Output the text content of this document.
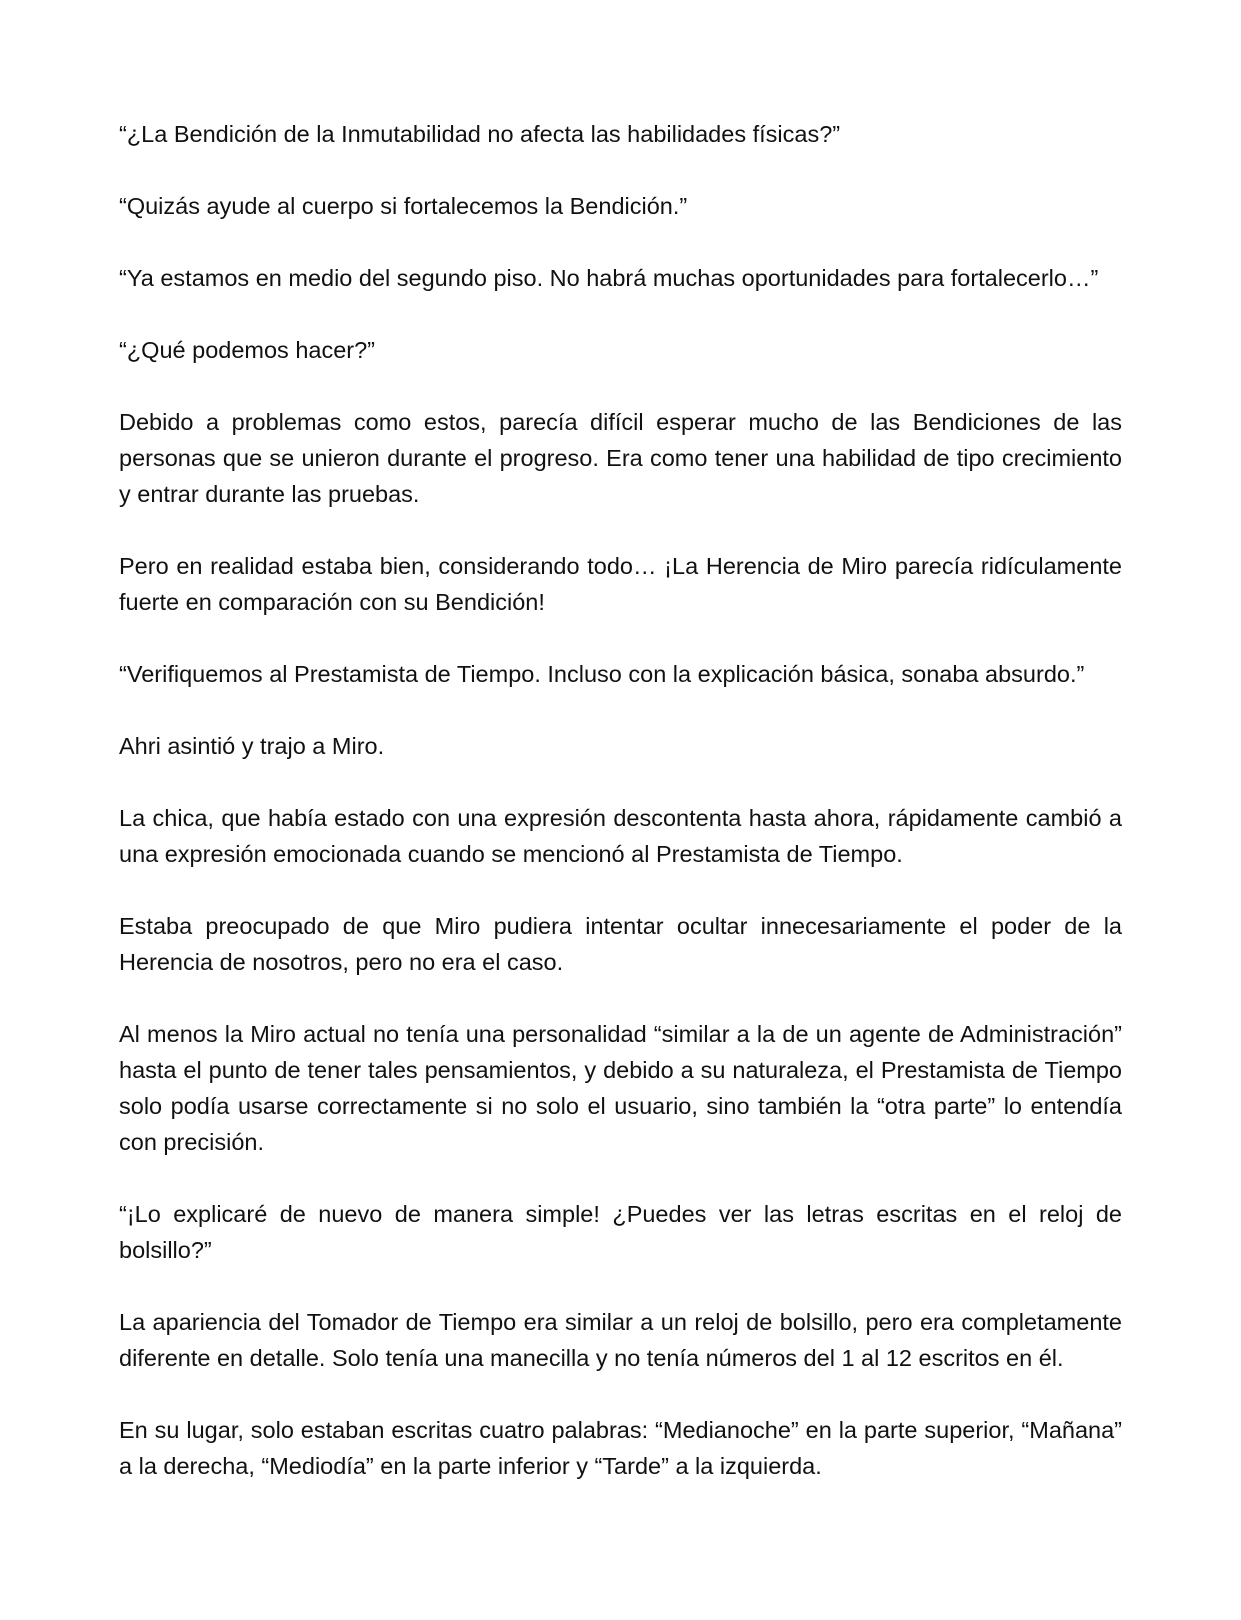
“¿La Bendición de la Inmutabilidad no afecta las habilidades físicas?”

“Quizás ayude al cuerpo si fortalecemos la Bendición.”

“Ya estamos en medio del segundo piso. No habrá muchas oportunidades para fortalecerlo…”

“¿Qué podemos hacer?”

Debido a problemas como estos, parecía difícil esperar mucho de las Bendiciones de las personas que se unieron durante el progreso. Era como tener una habilidad de tipo crecimiento y entrar durante las pruebas.

Pero en realidad estaba bien, considerando todo… ¡La Herencia de Miro parecía ridículamente fuerte en comparación con su Bendición!

“Verifiquemos al Prestamista de Tiempo. Incluso con la explicación básica, sonaba absurdo.”

Ahri asintió y trajo a Miro.

La chica, que había estado con una expresión descontenta hasta ahora, rápidamente cambió a una expresión emocionada cuando se mencionó al Prestamista de Tiempo.

Estaba preocupado de que Miro pudiera intentar ocultar innecesariamente el poder de la Herencia de nosotros, pero no era el caso.

Al menos la Miro actual no tenía una personalidad “similar a la de un agente de Administración” hasta el punto de tener tales pensamientos, y debido a su naturaleza, el Prestamista de Tiempo solo podía usarse correctamente si no solo el usuario, sino también la “otra parte” lo entendía con precisión.

“¡Lo explicaré de nuevo de manera simple! ¿Puedes ver las letras escritas en el reloj de bolsillo?”

La apariencia del Tomador de Tiempo era similar a un reloj de bolsillo, pero era completamente diferente en detalle. Solo tenía una manecilla y no tenía números del 1 al 12 escritos en él.

En su lugar, solo estaban escritas cuatro palabras: “Medianoche” en la parte superior, “Mañana” a la derecha, “Mediodía” en la parte inferior y “Tarde” a la izquierda.
